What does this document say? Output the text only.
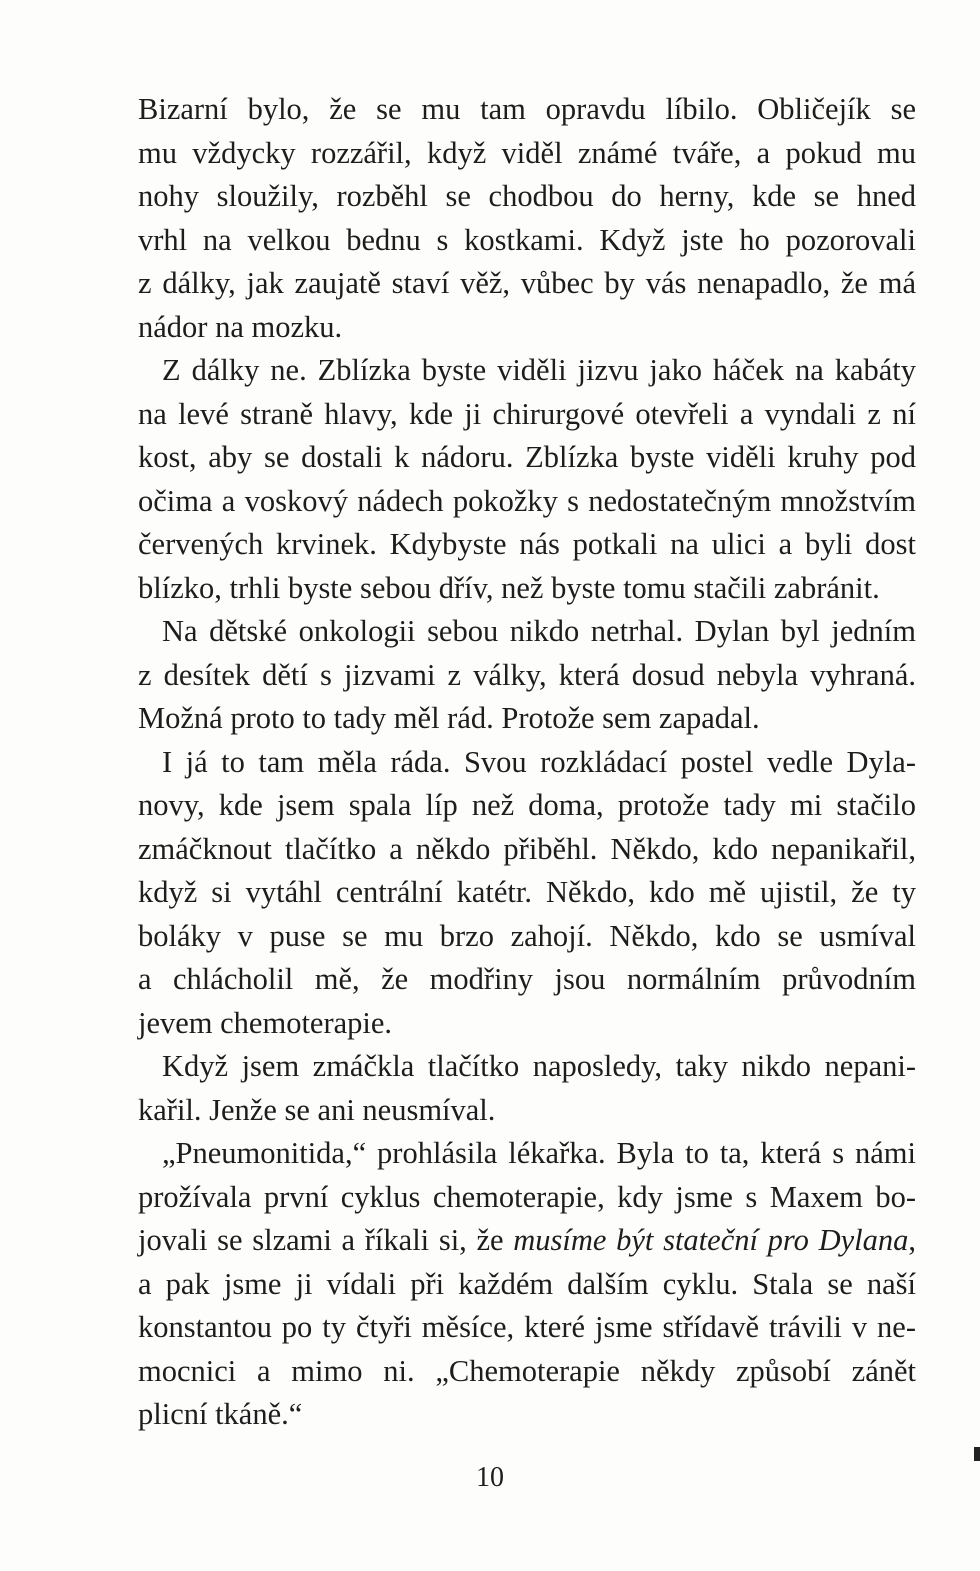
Bizarní bylo, že se mu tam opravdu líbilo. Obličejík se
mu vždycky rozzářil, když viděl známé tváře, a pokud mu
nohy sloužily, rozběhl se chodbou do herny, kde se hned
vrhl na velkou bednu s kostkami. Když jste ho pozorovali
z dálky, jak zaujatě staví věž, vůbec by vás nenapadlo, že má
nádor na mozku.
Z dálky ne. Zblízka byste viděli jizvu jako háček na kabáty
na levé straně hlavy, kde ji chirurgové otevřeli a vyndali z ní
kost, aby se dostali k nádoru. Zblízka byste viděli kruhy pod
očima a voskový nádech pokožky s nedostatečným množstvím
červených krvinek. Kdybyste nás potkali na ulici a byli dost
blízko, trhli byste sebou dřív, než byste tomu stačili zabránit.
Na dětské onkologii sebou nikdo netrhal. Dylan byl jedním
z desítek dětí s jizvami z války, která dosud nebyla vyhraná.
Možná proto to tady měl rád. Protože sem zapadal.
I já to tam měla ráda. Svou rozkládací postel vedle Dyla-
novy, kde jsem spala líp než doma, protože tady mi stačilo
zmáčknout tlačítko a někdo přiběhl. Někdo, kdo nepanikařil,
když si vytáhl centrální katétr. Někdo, kdo mě ujistil, že ty
boláky v puse se mu brzo zahojí. Někdo, kdo se usmíval
a chlácholil mě, že modřiny jsou normálním průvodním
jevem chemoterapie.
Když jsem zmáčkla tlačítko naposledy, taky nikdo nepani-
kařil. Jenže se ani neusmíval.
„Pneumonitida,“ prohlásila lékařka. Byla to ta, která s námi
prožívala první cyklus chemoterapie, kdy jsme s Maxem bo-
jovali se slzami a říkali si, že musíme být stateční pro Dylana,
a pak jsme ji vídali při každém dalším cyklu. Stala se naší
konstantou po ty čtyři měsíce, které jsme střídavě trávili v ne-
mocnici a mimo ni. „Chemoterapie někdy způsobí zánět
plicní tkáně.“
10
